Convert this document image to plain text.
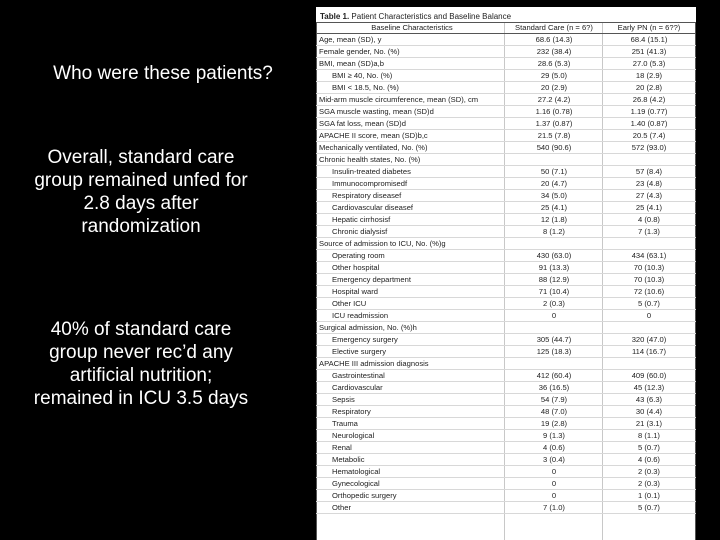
Who were these patients?
Overall, standard care group remained unfed for 2.8 days after randomization
40% of standard care group never rec’d any artificial nutrition; remained in ICU 3.5 days
Table 1. Patient Characteristics and Baseline Balance
Baseline Characteristics	Standard Care (n = 6?)	Early PN (n = 6??)
Age, mean (SD), y	68.6 (14.3)	68.4 (15.1)
Female gender, No. (%)	232 (38.4)	251 (41.3)
BMI, mean (SD)a,b	28.6 (5.3)	27.0 (5.3)
BMI ≥ 40, No. (%)	29 (5.0)	18 (2.9)
BMI < 18.5, No. (%)	20 (2.9)	20 (2.8)
Mid-arm muscle circumference, mean (SD), cm	27.2 (4.2)	26.8 (4.2)
SGA muscle wasting, mean (SD)d	1.16 (0.78)	1.19 (0.77)
SGA fat loss, mean (SD)d	1.37 (0.87)	1.40 (0.87)
APACHE II score, mean (SD)b,c	21.5 (7.8)	20.5 (7.4)
Mechanically ventilated, No. (%)	540 (90.6)	572 (93.0)
Chronic health states, No. (%)
Insulin-treated diabetes	50 (7.1)	57 (8.4)
Immunocompromisedf	20 (4.7)	23 (4.8)
Respiratory diseasef	34 (5.0)	27 (4.3)
Cardiovascular diseasef	25 (4.1)	25 (4.1)
Hepatic cirrhosisf	12 (1.8)	4 (0.8)
Chronic dialysisf	8 (1.2)	7 (1.3)
Source of admission to ICU, No. (%)g
Operating room	430 (63.0)	434 (63.1)
Other hospital	91 (13.3)	70 (10.3)
Emergency department	88 (12.9)	70 (10.3)
Hospital ward	71 (10.4)	72 (10.6)
Other ICU	2 (0.3)	5 (0.7)
ICU readmission	0	0
Surgical admission, No. (%)h
Emergency surgery	305 (44.7)	320 (47.0)
Elective surgery	125 (18.3)	114 (16.7)
APACHE III admission diagnosis
Gastrointestinal	412 (60.4)	409 (60.0)
Cardiovascular	36 (16.5)	45 (12.3)
Sepsis	54 (7.9)	43 (6.3)
Respiratory	48 (7.0)	30 (4.4)
Trauma	19 (2.8)	21 (3.1)
Neurological	9 (1.3)	8 (1.1)
Renal	4 (0.6)	5 (0.7)
Metabolic	3 (0.4)	4 (0.6)
Hematological	0	2 (0.3)
Gynecological	0	2 (0.3)
Orthopedic surgery	0	1 (0.1)
Other	7 (1.0)	5 (0.7)
